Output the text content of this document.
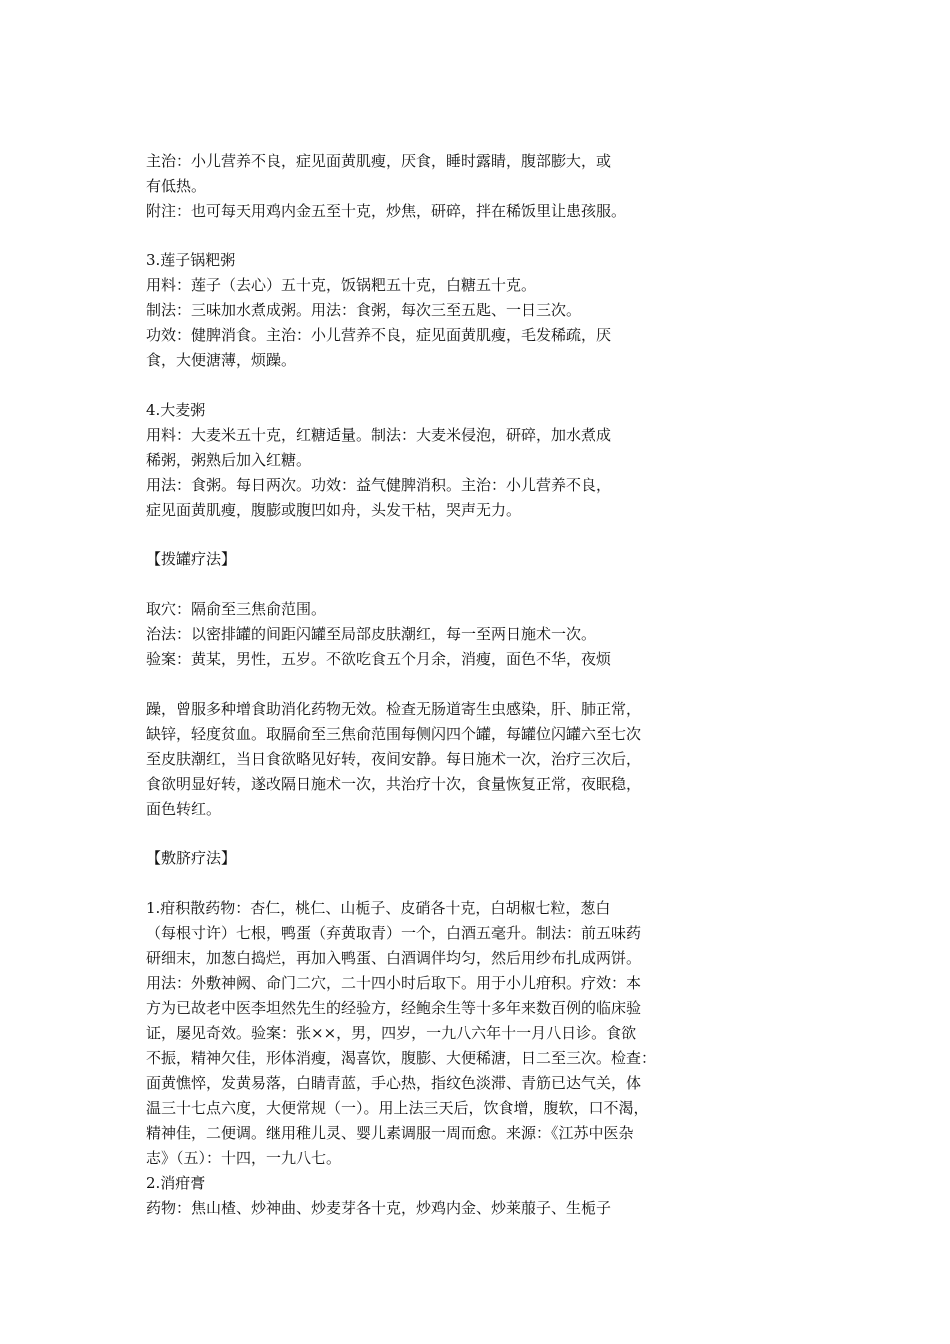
主治：小儿营养不良，症见面黄肌瘦，厌食，睡时露睛，腹部膨大，或

有低热。

附注：也可每天用鸡内金五至十克，炒焦，研碎，拌在稀饭里让患孩服。

3.莲子锅粑粥

用料：莲子（去心）五十克，饭锅粑五十克，白糖五十克。

制法：三味加水煮成粥。用法：食粥，每次三至五匙、一日三次。

功效：健脾消食。主治：小儿营养不良，症见面黄肌瘦，毛发稀疏，厌

食，大便溏薄，烦躁。

4.大麦粥

用料：大麦米五十克，红糖适量。制法：大麦米侵泡，研碎，加水煮成

稀粥，粥熟后加入红糖。

用法：食粥。每日两次。功效：益气健脾消积。主治：小儿营养不良，

症见面黄肌瘦，腹膨或腹凹如舟，头发干枯，哭声无力。

【拨罐疗法】

取穴：隔俞至三焦俞范围。

治法：以密排罐的间距闪罐至局部皮肤潮红，每一至两日施术一次。

验案：黄某，男性，五岁。不欲吃食五个月余，消瘦，面色不华，夜烦

躁，曾服多种增食助消化药物无效。检查无肠道寄生虫感染，肝、肺正常，

缺锌，轻度贫血。取膈俞至三焦俞范围每侧闪四个罐，每罐位闪罐六至七次

至皮肤潮红，当日食欲略见好转，夜间安静。每日施术一次，治疗三次后，

食欲明显好转，遂改隔日施术一次，共治疗十次，食量恢复正常，夜眠稳，

面色转红。

【敷脐疗法】

1.疳积散药物：杏仁，桃仁、山栀子、皮硝各十克，白胡椒七粒，葱白

（每根寸许）七根，鸭蛋（弃黄取青）一个，白酒五毫升。制法：前五味药

研细末，加葱白捣烂，再加入鸭蛋、白酒调伴均匀，然后用纱布扎成两饼。

用法：外敷神阙、命门二穴，二十四小时后取下。用于小儿疳积。疗效：本

方为已故老中医李坦然先生的经验方，经鲍余生等十多年来数百例的临床验

证，屡见奇效。验案：张××，男，四岁，一九八六年十一月八日诊。食欲

不振，精神欠佳，形体消瘦，渴喜饮，腹膨、大便稀溏，日二至三次。检查：

面黄憔悴，发黄易落，白睛青蓝，手心热，指纹色淡滞、青筋已达气关，体

温三十七点六度，大便常规（一）。用上法三天后，饮食增，腹软，口不渴，

精神佳，二便调。继用稚儿灵、婴儿素调服一周而愈。来源：《江苏中医杂

志》（五）：十四，一九八七。

2.消疳膏

药物：焦山楂、炒神曲、炒麦芽各十克，炒鸡内金、炒莱菔子、生栀子
